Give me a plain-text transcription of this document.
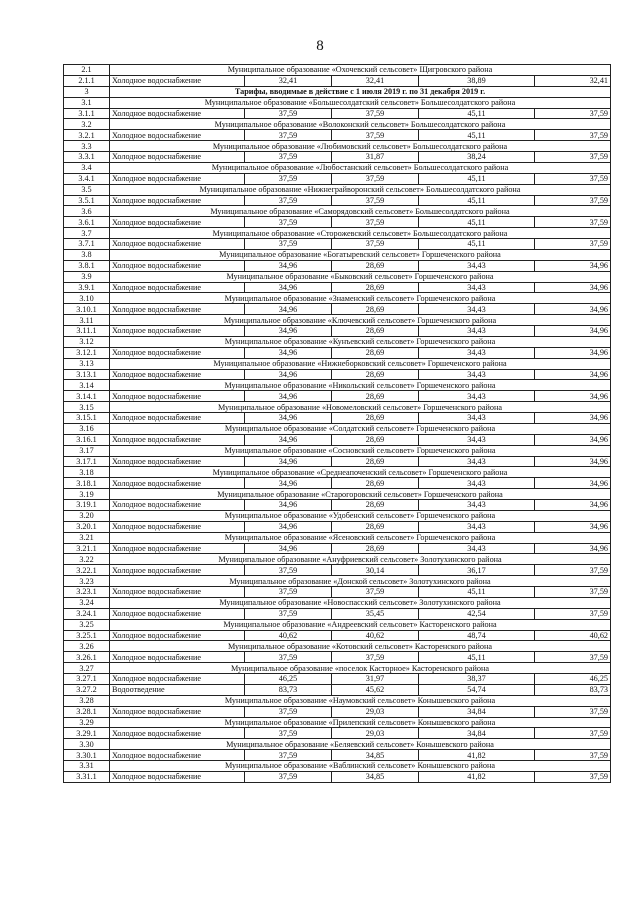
8
2.1	Муниципальное образование «Охочевский сельсовет» Щигровского района				
2.1.1	Холодное водоснабжение	32,41	32,41	38,89	32,41
3	Тарифы, вводимые в действие с 1 июля 2019 г. по 31 декабря 2019 г.				
3.1	Муниципальное образование «Большесолдатский сельсовет» Большесолдатского района				
3.1.1	Холодное водоснабжение	37,59	37,59	45,11	37,59
3.2	Муниципальное образование «Волоконский сельсовет» Большесолдатского района				
3.2.1	Холодное водоснабжение	37,59	37,59	45,11	37,59
3.3	Муниципальное образование «Любимовский сельсовет» Большесолдатского района				
3.3.1	Холодное водоснабжение	37,59	31,87	38,24	37,59
3.4	Муниципальное образование «Любостанский сельсовет» Большесолдатского района				
3.4.1	Холодное водоснабжение	37,59	37,59	45,11	37,59
3.5	Муниципальное образование «Нижнеграйворонский сельсовет» Большесолдатского района				
3.5.1	Холодное водоснабжение	37,59	37,59	45,11	37,59
3.6	Муниципальное образование «Саморядовский сельсовет» Большесолдатского района				
3.6.1	Холодное водоснабжение	37,59	37,59	45,11	37,59
3.7	Муниципальное образование «Сторожевский сельсовет» Большесолдатского района				
3.7.1	Холодное водоснабжение	37,59	37,59	45,11	37,59
3.8	Муниципальное образование «Богатыревский сельсовет» Горшеченского района				
3.8.1	Холодное водоснабжение	34,96	28,69	34,43	34,96
3.9	Муниципальное образование «Быковский сельсовет» Горшеченского района				
3.9.1	Холодное водоснабжение	34,96	28,69	34,43	34,96
3.10	Муниципальное образование «Знаменский сельсовет» Горшеченского района				
3.10.1	Холодное водоснабжение	34,96	28,69	34,43	34,96
3.11	Муниципальное образование «Ключевский сельсовет» Горшеченского района				
3.11.1	Холодное водоснабжение	34,96	28,69	34,43	34,96
3.12	Муниципальное образование «Кунъевский сельсовет» Горшеченского района				
3.12.1	Холодное водоснабжение	34,96	28,69	34,43	34,96
3.13	Муниципальное образование «Нижнеборковский сельсовет» Горшеченского района				
3.13.1	Холодное водоснабжение	34,96	28,69	34,43	34,96
3.14	Муниципальное образование «Никольский сельсовет» Горшеченского района				
3.14.1	Холодное водоснабжение	34,96	28,69	34,43	34,96
3.15	Муниципальное образование «Новомеловский сельсовет» Горшеченского района				
3.15.1	Холодное водоснабжение	34,96	28,69	34,43	34,96
3.16	Муниципальное образование «Солдатский сельсовет» Горшеченского района				
3.16.1	Холодное водоснабжение	34,96	28,69	34,43	34,96
3.17	Муниципальное образование «Сосновский сельсовет» Горшеченского района				
3.17.1	Холодное водоснабжение	34,96	28,69	34,43	34,96
3.18	Муниципальное образование «Среднеапоченский сельсовет» Горшеченского района				
3.18.1	Холодное водоснабжение	34,96	28,69	34,43	34,96
3.19	Муниципальное образование «Старогоровский сельсовет» Горшеченского района				
3.19.1	Холодное водоснабжение	34,96	28,69	34,43	34,96
3.20	Муниципальное образование «Удобенский сельсовет» Горшеченского района				
3.20.1	Холодное водоснабжение	34,96	28,69	34,43	34,96
3.21	Муниципальное образование «Ясеновский сельсовет» Горшеченского района				
3.21.1	Холодное водоснабжение	34,96	28,69	34,43	34,96
3.22	Муниципальное образование «Ануфриевский сельсовет» Золотухинского района				
3.22.1	Холодное водоснабжение	37,59	30,14	36,17	37,59
3.23	Муниципальное образование «Донской сельсовет» Золотухинского района				
3.23.1	Холодное водоснабжение	37,59	37,59	45,11	37,59
3.24	Муниципальное образование «Новоспасский сельсовет» Золотухинского района				
3.24.1	Холодное водоснабжение	37,59	35,45	42,54	37,59
3.25	Муниципальное образование «Андреевский сельсовет» Касторенского района				
3.25.1	Холодное водоснабжение	40,62	40,62	48,74	40,62
3.26	Муниципальное образование «Котовский сельсовет» Касторенского района				
3.26.1	Холодное водоснабжение	37,59	37,59	45,11	37,59
3.27	Муниципальное образование «поселок Касторное» Касторенского района				
3.27.1	Холодное водоснабжение	46,25	31,97	38,37	46,25
3.27.2	Водоотведение	83,73	45,62	54,74	83,73
3.28	Муниципальное образование «Наумовский сельсовет» Конышевского района				
3.28.1	Холодное водоснабжение	37,59	29,03	34,84	37,59
3.29	Муниципальное образование «Прилепский сельсовет» Конышевского района				
3.29.1	Холодное водоснабжение	37,59	29,03	34,84	37,59
3.30	Муниципальное образование «Беляевский сельсовет» Конышевского района				
3.30.1	Холодное водоснабжение	37,59	34,85	41,82	37,59
3.31	Муниципальное образование «Ваблинский сельсовет» Конышевского района				
3.31.1	Холодное водоснабжение	37,59	34,85	41,82	37,59
